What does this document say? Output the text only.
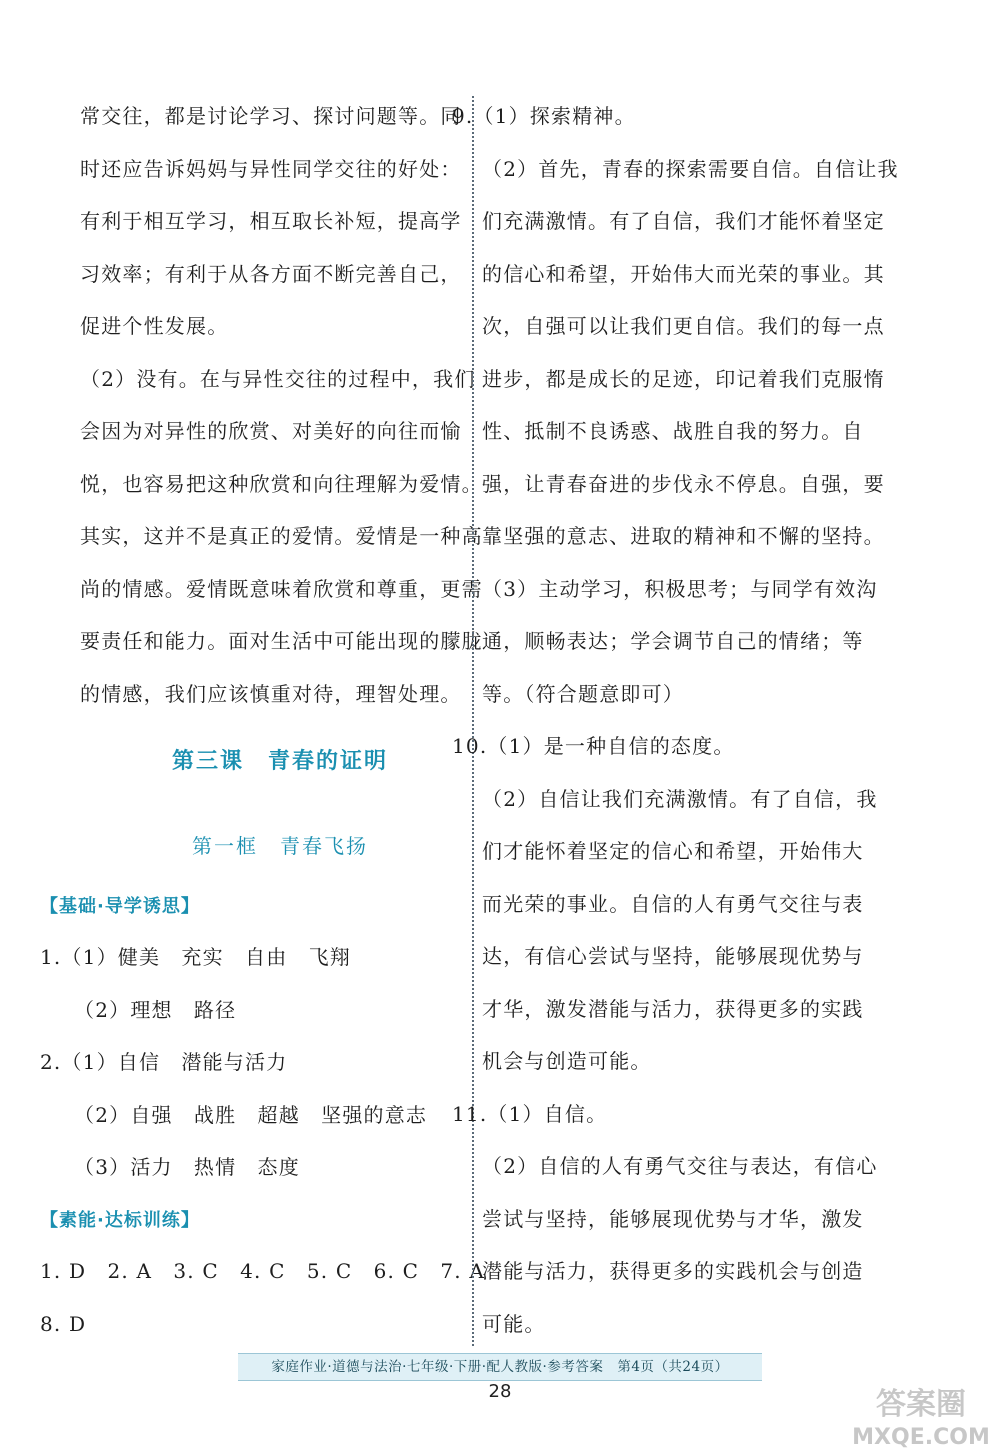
常交往，都是讨论学习、探讨问题等。同
时还应告诉妈妈与异性同学交往的好处：
有利于相互学习，相互取长补短，提高学
习效率；有利于从各方面不断完善自己，
促进个性发展。
（2）没有。在与异性交往的过程中，我们
会因为对异性的欣赏、对美好的向往而愉
悦，也容易把这种欣赏和向往理解为爱情。
其实，这并不是真正的爱情。爱情是一种高
尚的情感。爱情既意味着欣赏和尊重，更需
要责任和能力。面对生活中可能出现的朦胧
的情感，我们应该慎重对待，理智处理。
第三课　青春的证明
第一框　青春飞扬
【基础·导学诱思】
1.（1）健美　充实　自由　飞翔
（2）理想　路径
2.（1）自信　潜能与活力
（2）自强　战胜　超越　坚强的意志
（3）活力　热情　态度
【素能·达标训练】
1. D　2. A　3. C　4. C　5. C　6. C　7. A
8. D
9.（1）探索精神。
（2）首先，青春的探索需要自信。自信让我
们充满激情。有了自信，我们才能怀着坚定
的信心和希望，开始伟大而光荣的事业。其
次，自强可以让我们更自信。我们的每一点
进步，都是成长的足迹，印记着我们克服惰
性、抵制不良诱惑、战胜自我的努力。自
强，让青春奋进的步伐永不停息。自强，要
靠坚强的意志、进取的精神和不懈的坚持。
（3）主动学习，积极思考；与同学有效沟
通，顺畅表达；学会调节自己的情绪；等
等。（符合题意即可）
10.（1）是一种自信的态度。
（2）自信让我们充满激情。有了自信，我
们才能怀着坚定的信心和希望，开始伟大
而光荣的事业。自信的人有勇气交往与表
达，有信心尝试与坚持，能够展现优势与
才华，激发潜能与活力，获得更多的实践
机会与创造可能。
11.（1）自信。
（2）自信的人有勇气交往与表达，有信心
尝试与坚持，能够展现优势与才华，激发
潜能与活力，获得更多的实践机会与创造
可能。
家庭作业·道德与法治·七年级·下册·配人教版·参考答案　第4页（共24页）
28	答案圈
MXQE.COM
